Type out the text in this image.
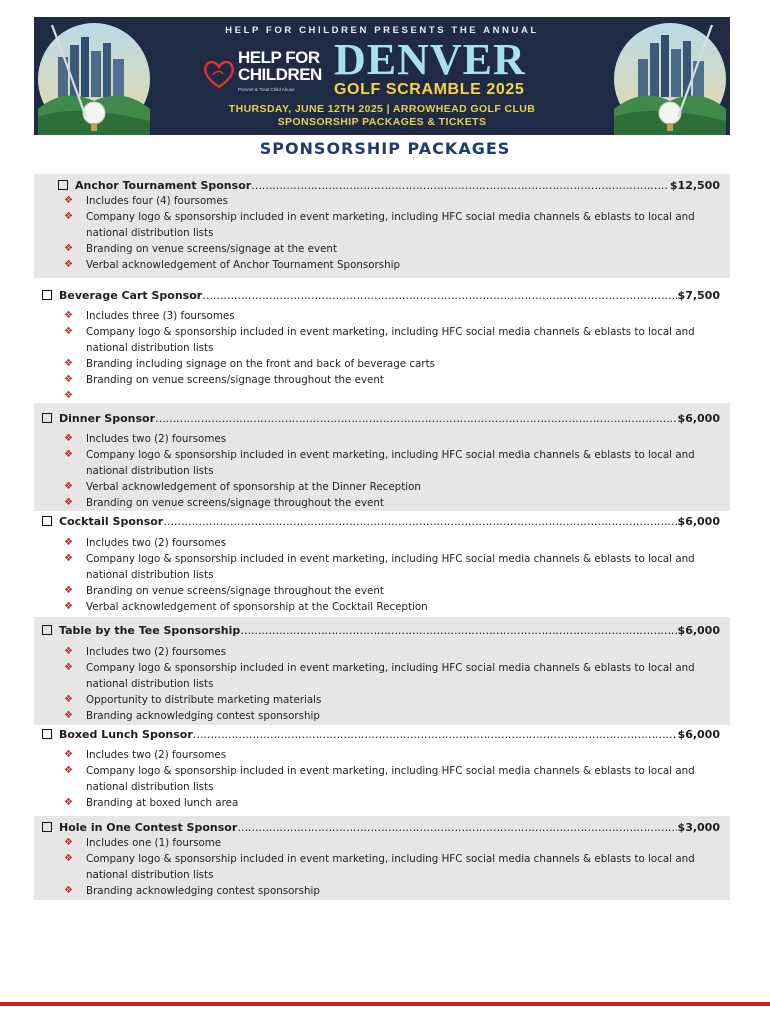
HELP FOR CHILDREN PRESENTS THE ANNUAL
HELP FOR
CHILDREN
Prevent & Treat Child Abuse
DENVER
GOLF SCRAMBLE 2025
THURSDAY, JUNE 12TH 2025 | ARROWHEAD GOLF CLUB
SPONSORSHIP PACKAGES & TICKETS
SPONSORSHIP PACKAGES
Anchor Tournament Sponsor ……………………………………………………………………………………………………………………………………………………………………………………………………	$12,500
❖ Includes four (4) foursomes
❖ Company logo & sponsorship included in event marketing, including HFC social media channels & eblasts to local and national distribution lists
❖ Branding on venue screens/signage at the event
❖ Verbal acknowledgement of Anchor Tournament Sponsorship
Beverage Cart Sponsor ……………………………………………………………………………………………………………………………………………………………………………………………………	$7,500
❖ Includes three (3) foursomes
❖ Company logo & sponsorship included in event marketing, including HFC social media channels & eblasts to local and national distribution lists
❖ Branding including signage on the front and back of beverage carts
❖ Branding on venue screens/signage throughout the event
❖
Dinner Sponsor ……………………………………………………………………………………………………………………………………………………………………………………………………	$6,000
❖ Includes two (2) foursomes
❖ Company logo & sponsorship included in event marketing, including HFC social media channels & eblasts to local and national distribution lists
❖ Verbal acknowledgement of sponsorship at the Dinner Reception
❖ Branding on venue screens/signage throughout the event
Cocktail Sponsor ……………………………………………………………………………………………………………………………………………………………………………………………………	$6,000
❖ Includes two (2) foursomes
❖ Company logo & sponsorship included in event marketing, including HFC social media channels & eblasts to local and national distribution lists
❖ Branding on venue screens/signage throughout the event
❖ Verbal acknowledgement of sponsorship at the Cocktail Reception
Table by the Tee Sponsorship ……………………………………………………………………………………………………………………………………………………………………………………………………	$6,000
❖ Includes two (2) foursomes
❖ Company logo & sponsorship included in event marketing, including HFC social media channels & eblasts to local and national distribution lists
❖ Opportunity to distribute marketing materials
❖ Branding acknowledging contest sponsorship
Boxed Lunch Sponsor ……………………………………………………………………………………………………………………………………………………………………………………………………	$6,000
❖ Includes two (2) foursomes
❖ Company logo & sponsorship included in event marketing, including HFC social media channels & eblasts to local and national distribution lists
❖ Branding at boxed lunch area
Hole in One Contest Sponsor ……………………………………………………………………………………………………………………………………………………………………………………………………	$3,000
❖ Includes one (1) foursome
❖ Company logo & sponsorship included in event marketing, including HFC social media channels & eblasts to local and national distribution lists
❖ Branding acknowledging contest sponsorship
